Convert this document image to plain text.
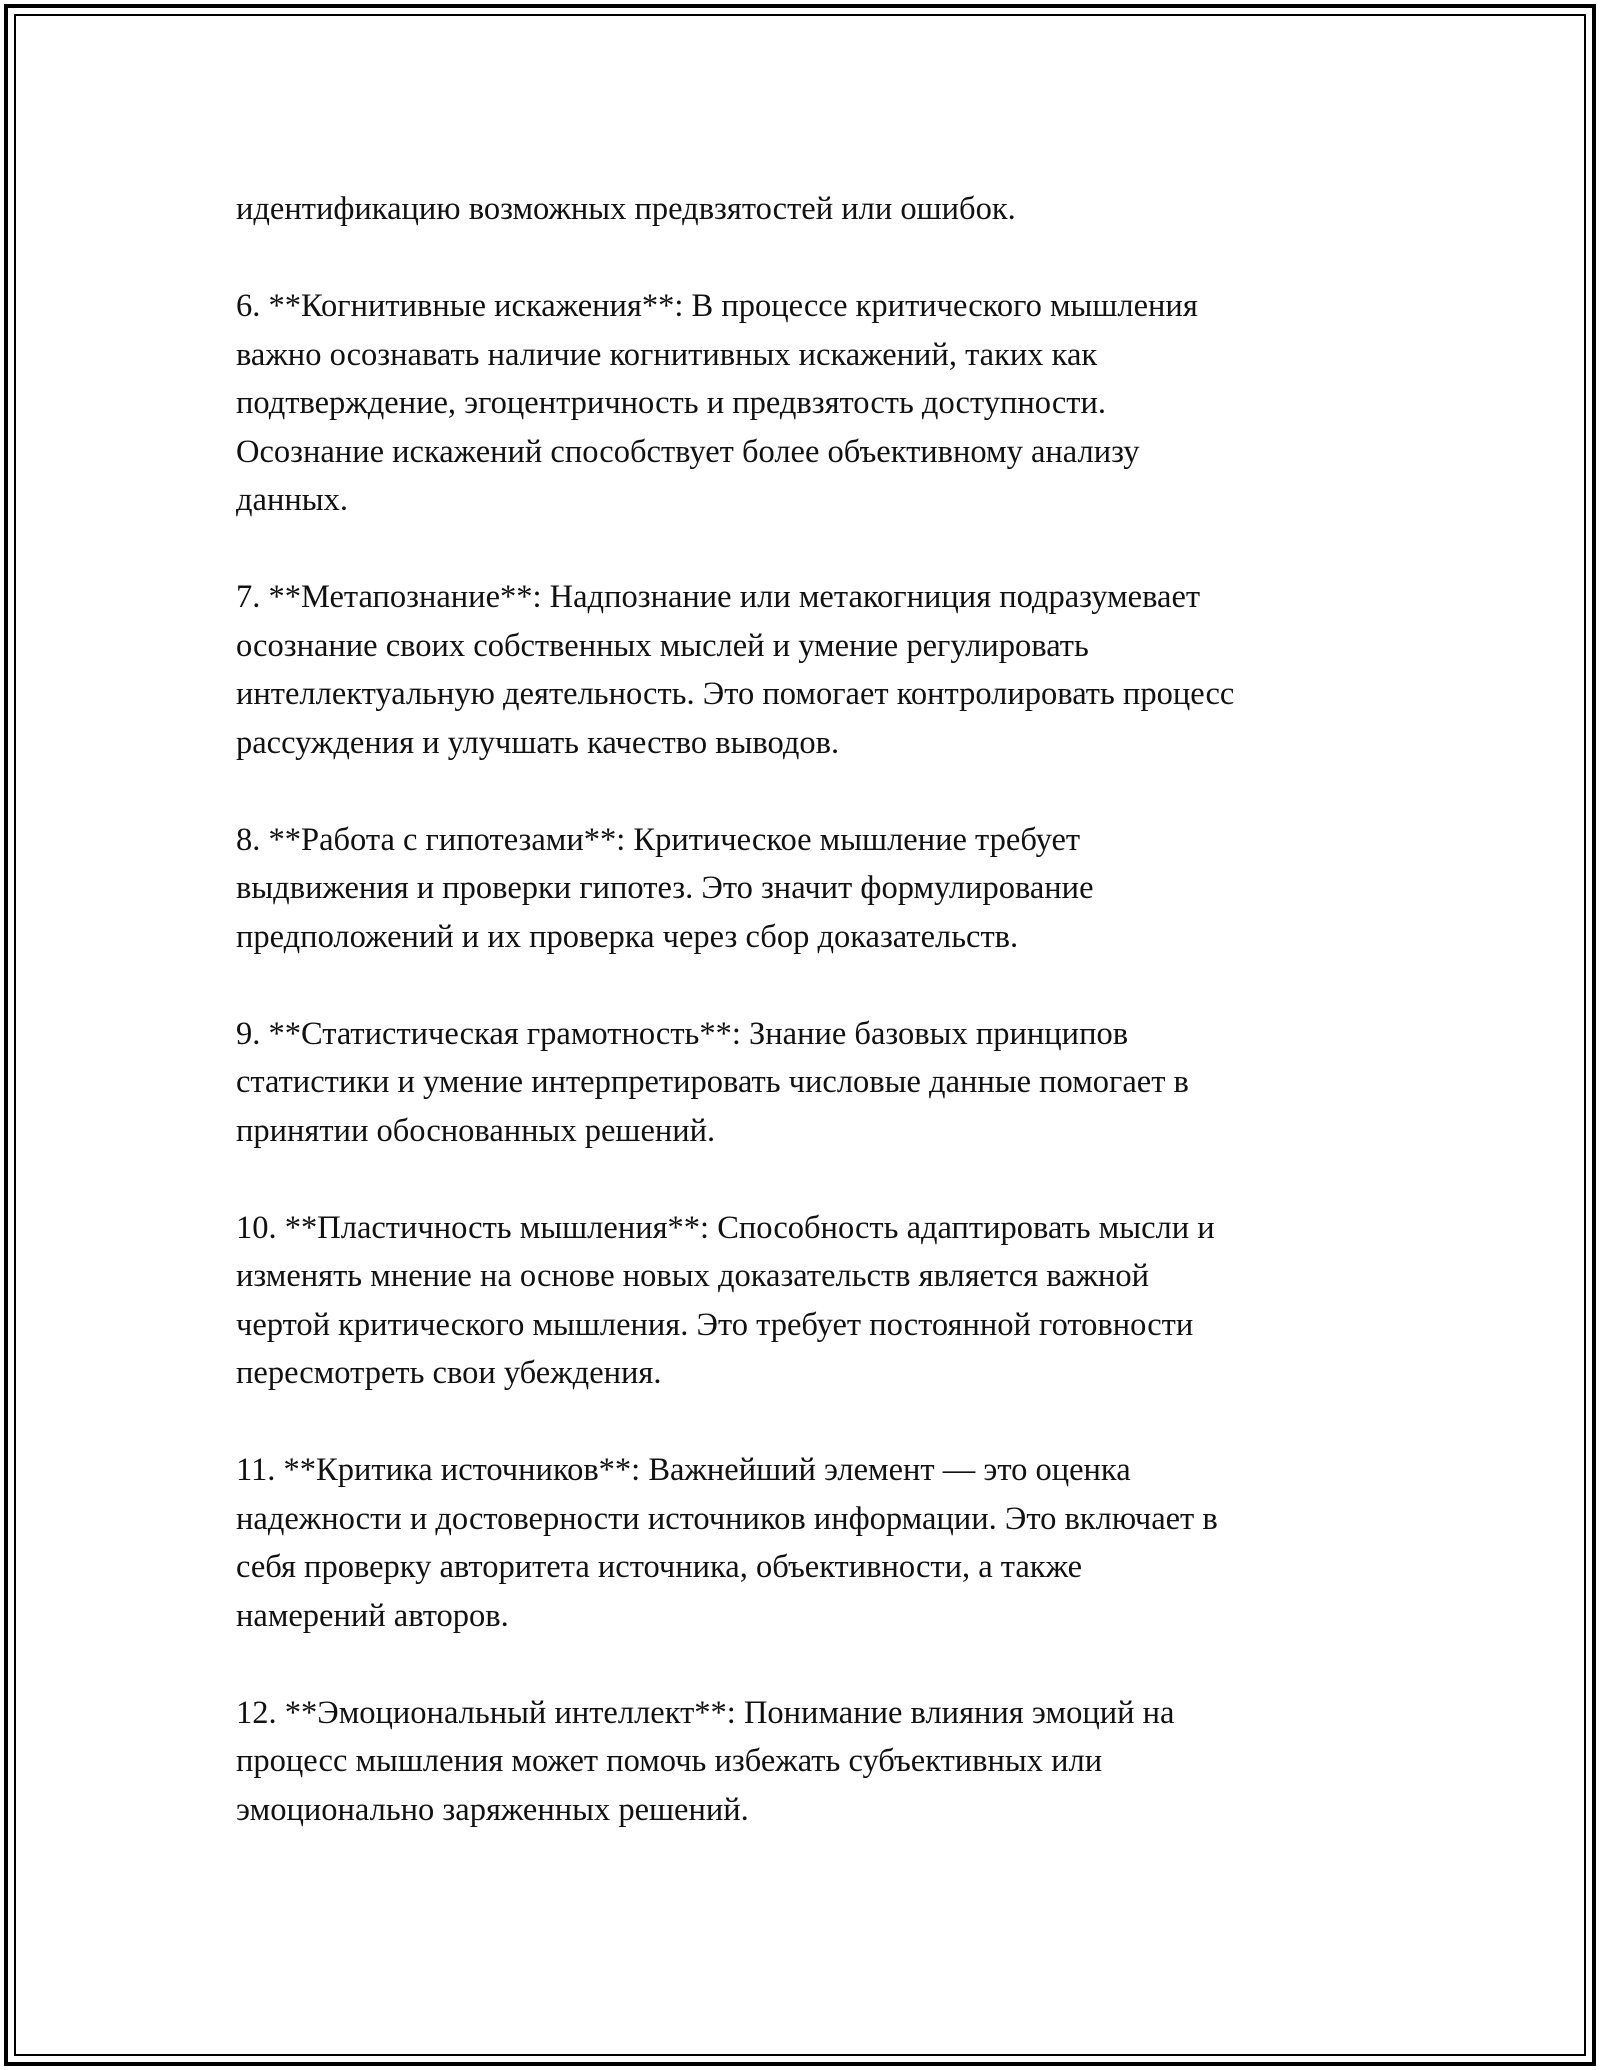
идентификацию возможных предвзятостей или ошибок.

6. **Когнитивные искажения**: В процессе критического мышления
важно осознавать наличие когнитивных искажений, таких как
подтверждение, эгоцентричность и предвзятость доступности.
Осознание искажений способствует более объективному анализу
данных.

7. **Метапознание**: Надпознание или метакогниция подразумевает
осознание своих собственных мыслей и умение регулировать
интеллектуальную деятельность. Это помогает контролировать процесс
рассуждения и улучшать качество выводов.

8. **Работа с гипотезами**: Критическое мышление требует
выдвижения и проверки гипотез. Это значит формулирование
предположений и их проверка через сбор доказательств.

9. **Статистическая грамотность**: Знание базовых принципов
статистики и умение интерпретировать числовые данные помогает в
принятии обоснованных решений.

10. **Пластичность мышления**: Способность адаптировать мысли и
изменять мнение на основе новых доказательств является важной
чертой критического мышления. Это требует постоянной готовности
пересмотреть свои убеждения.

11. **Критика источников**: Важнейший элемент — это оценка
надежности и достоверности источников информации. Это включает в
себя проверку авторитета источника, объективности, а также
намерений авторов.

12. **Эмоциональный интеллект**: Понимание влияния эмоций на
процесс мышления может помочь избежать субъективных или
эмоционально заряженных решений.
